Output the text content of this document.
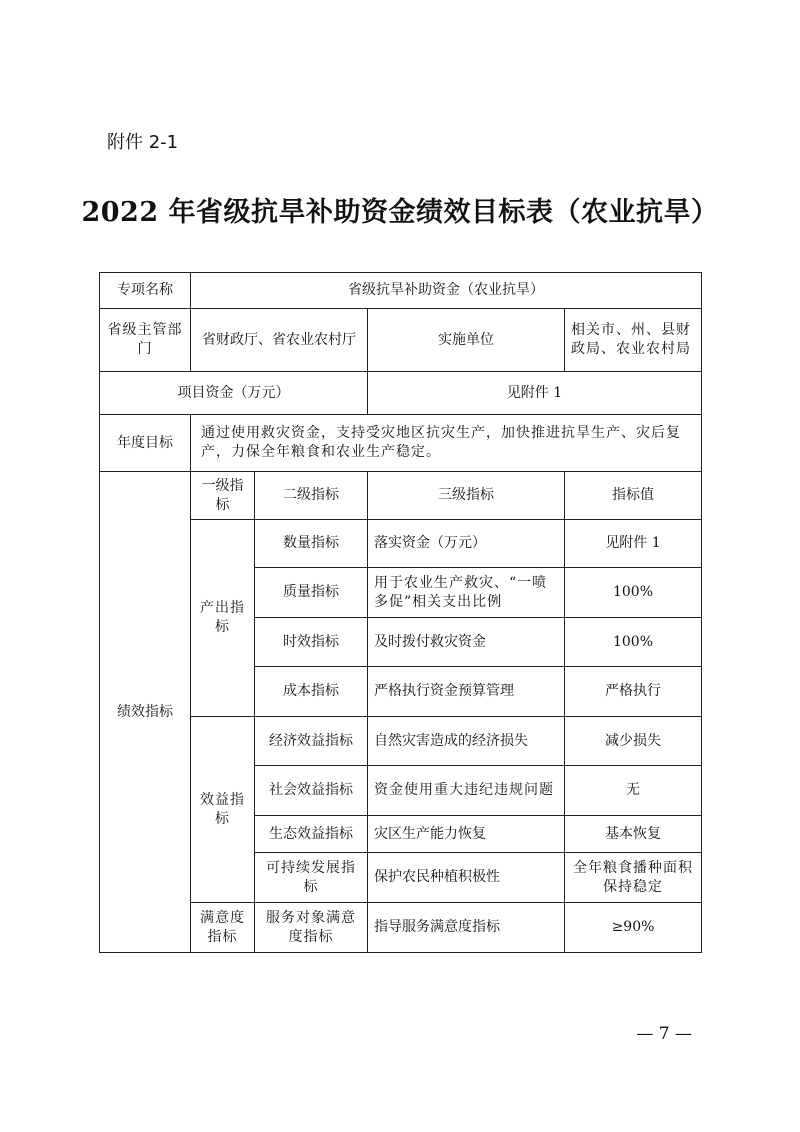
附件 2-1
2022 年省级抗旱补助资金绩效目标表（农业抗旱）
专项名称	省级抗旱补助资金（农业抗旱）			
省级主管部门	省财政厅、省农业农村厅		实施单位	相关市、州、县财政局、农业农村局
项目资金（万元）			见附件 1	
年度目标	通过使用救灾资金，支持受灾地区抗灾生产，加快推进抗旱生产、灾后复产，力保全年粮食和农业生产稳定。			
绩效指标	一级指标	二级指标	三级指标	指标值
	产出指标	数量指标	落实资金（万元）	见附件 1
		质量指标	用于农业生产救灾、“一喷多促”相关支出比例	100%
		时效指标	及时拨付救灾资金	100%
		成本指标	严格执行资金预算管理	严格执行
	效益指标	经济效益指标	自然灾害造成的经济损失	减少损失
		社会效益指标	资金使用重大违纪违规问题	无
		生态效益指标	灾区生产能力恢复	基本恢复
		可持续发展指标	保护农民种植积极性	全年粮食播种面积保持稳定
	满意度指标	服务对象满意度指标	指导服务满意度指标	≥90%
— 7 —
